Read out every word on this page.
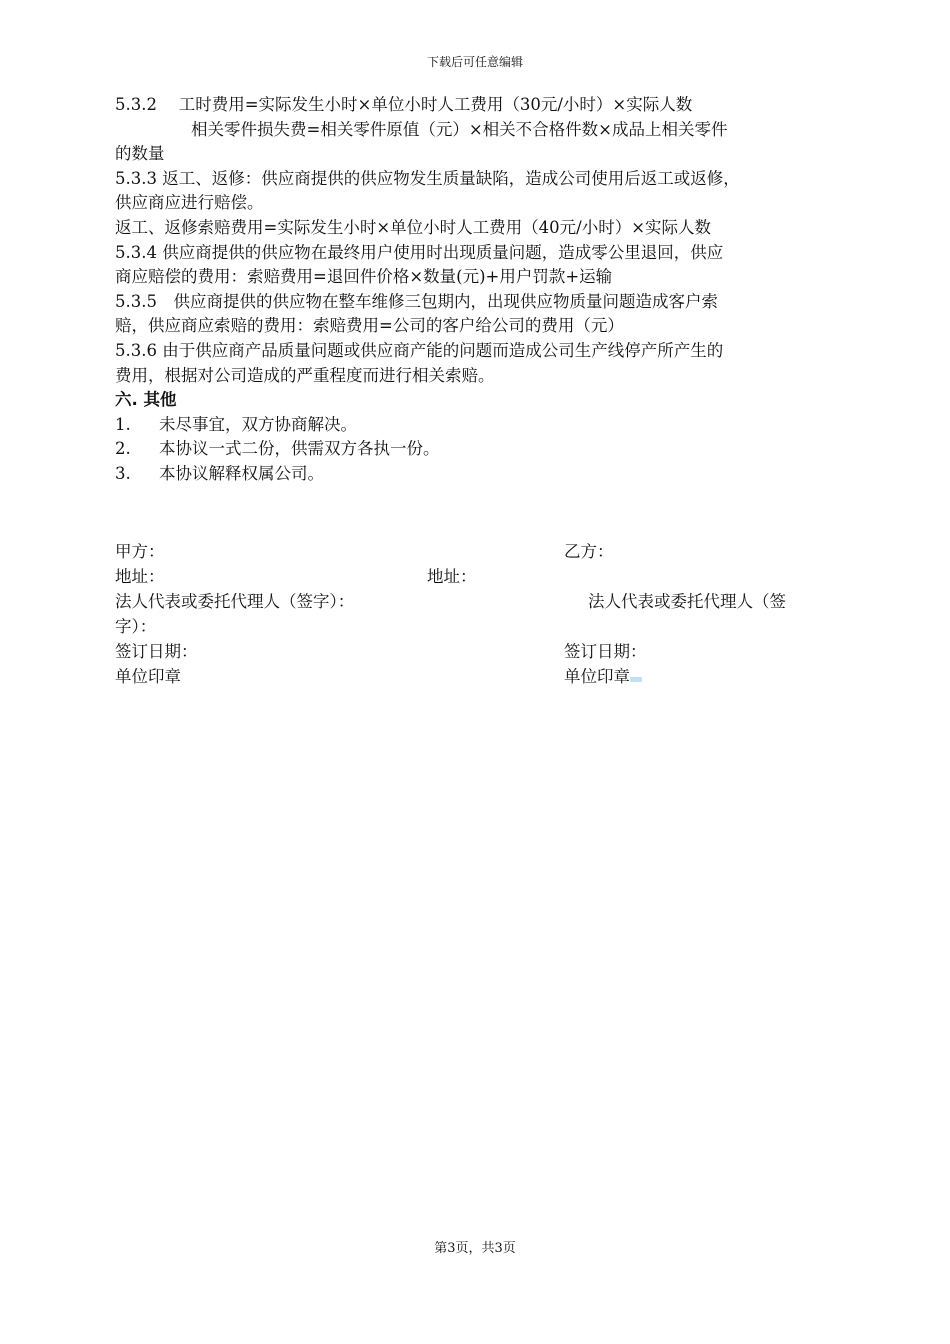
下载后可任意编辑

5.3.2　 工时费用=实际发生小时×单位小时人工费用（30元/小时）×实际人数

相关零件损失费=相关零件原值（元）×相关不合格件数×成品上相关零件

的数量

5.3.3 返工、返修：供应商提供的供应物发生质量缺陷，造成公司使用后返工或返修，

供应商应进行赔偿。

返工、返修索赔费用=实际发生小时×单位小时人工费用（40元/小时）×实际人数

5.3.4 供应商提供的供应物在最终用户使用时出现质量问题，造成零公里退回，供应

商应赔偿的费用：索赔费用=退回件价格×数量(元)+用户罚款+运输

5.3.5　供应商提供的供应物在整车维修三包期内，出现供应物质量问题造成客户索

赔，供应商应索赔的费用：索赔费用=公司的客户给公司的费用（元）

5.3.6 由于供应商产品质量问题或供应商产能的问题而造成公司生产线停产所产生的

费用，根据对公司造成的严重程度而进行相关索赔。

六. 其他

1. 未尽事宜，双方协商解决。

2. 本协议一式二份，供需双方各执一份。

3. 本协议解释权属公司。

甲方：	乙方：
地址：	地址：
法人代表或委托代理人（签字）：	法人代表或委托代理人（签
字）：
签订日期：	签订日期：
单位印章	单位印章
第3页，共3页
